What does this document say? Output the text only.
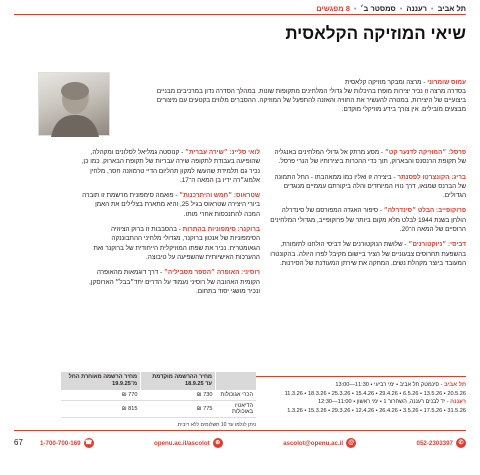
תל אביב
•
רעננה
•
סמסטר ב׳
•
8 מפגשים
שיאי המוזיקה הקלאסית
עמוס שומרוני - מרצה ומבקר מוזיקה קלאסית
בסדרה מרצה זו נכיר יצירות מופת בהיכלות של גדולי המלחינים מתקופות שונות. במהלך הסדרה נדון במרכיבים מבניים ביצועיים של היצירות, במטרה להעשיר את החוויה והאזנה להתפעל של המוזיקה. ההסברים מלווים בקטעים עם מיצורים מבצעים מובילים. אין צורך בידע מוזיקלי מוקדם.

פרסל: ״המוזיקה לדנער קט״ - מסע מרתק אל גדולי המלחינים באנגליה של תקופת הרנסנס והבארוק, תוך כדי ההכרות ביצירותיו של הנרי פרסל.

בריג: הקונצרטו לפסנתר - ביצירה זו ואליו כמו ממאהבתו - החל התמונה של הברנס שמנאו, דרך נוויו המיוחדים והלה ביקורתם עממיים מנוגדים הגדולים.

פרוקופייב: הבלט ״סינדרלה״ - סיפור האגדה המפורסם של סינדרלה הולחן בשנת 1944 לבלט מלא מקום ביותר של פרוקופייב, מגדולי המלחינים הרוסיים של המאה ה־20.

דביסי: ״ניוקטורנים״ - שלושת הנוקטורנים של דביסי הולחנו לתזמורת, בהשפעת תחרוסים צבעוניים של הציר ביישום מקיבל לפרו היולה. בהקונטרו המעובד ביוצר מקהלת נשים. המחקה את שירתן המעודנת של הסירנות.

לואי סליינ: ״שירה עברית״ - קנוסטה גמליאל לסלונים ומקהלה, שהופיעה בעבודת לתקופה שירה עבריות של תקופת הבארוק. כמו כן, נכיר גם תלמידת שהעשו למקון תהליום הדיי טרמוזנה חסר, מלחין אלמוג״רה ידיו בן המאה ה־17.

שטראוס: ״חמש והיתרכנות״ - פואמה סימפונית מרשמת זו תוברה ביורי היצירה שטראוס בגיל 25, והיא מתארת בצלילים את האמן המכה להתנכסות אחרי מותו.

ברוקנר: סימפוניות בהתרות - בהסבבות זו ברוק הציוזיה הסימפוניות של אנטון ברוקנר, מגדולי מלחיני ההתבוננקה הגאומטרית. נכיר את שפתו המוזיקלית הייחודית של ברוקנר ואת ההערכות האישיותית שהשפיעה על טיבוצה.

רוסיני: האופרה ״הספר מסביליה״ - דרך דוגמאות מהאופרה הקומית האהובה של רוסיני נעמוד על הדרים יחד״בבל״ הארוסקן, ונכיר מושגי יסוד בתחום.

תל אביב - סינמטק תל אביב • ימי רביעי • 11:30—13:00
20.5.26 • 13.5.26 • 6.5.26 • 29.4.26 • 15.4.26 • 25.3.26 • 18.3.26 • 11.3.26
רעננה - יד לבנים רעננה, השחרור 1 • ימי ראשון • 11:00—12:30
31.5.26 • 17.5.26 • 3.5.26 • 26.4.26 • 12.4.26 • 29.3.26 • 15.3.26 • 1.3.26
	מחיר ההרשמה מוקדמת עד 18.9.25	מחיר הרשמה מאוחרת החל מ־19.9.25
הכרי אגוכולות	730 ₪	770 ₪
הדיאטיו באוכולות	775 ₪	815 ₪
ניתן לנלמו עד 10 תשלומים ללא ריבית.
052-2303397 ✆
ascolot@openu.ac.il @
openu.ac.il/ascolot ⊕
1-700-700-169 ☎
67
